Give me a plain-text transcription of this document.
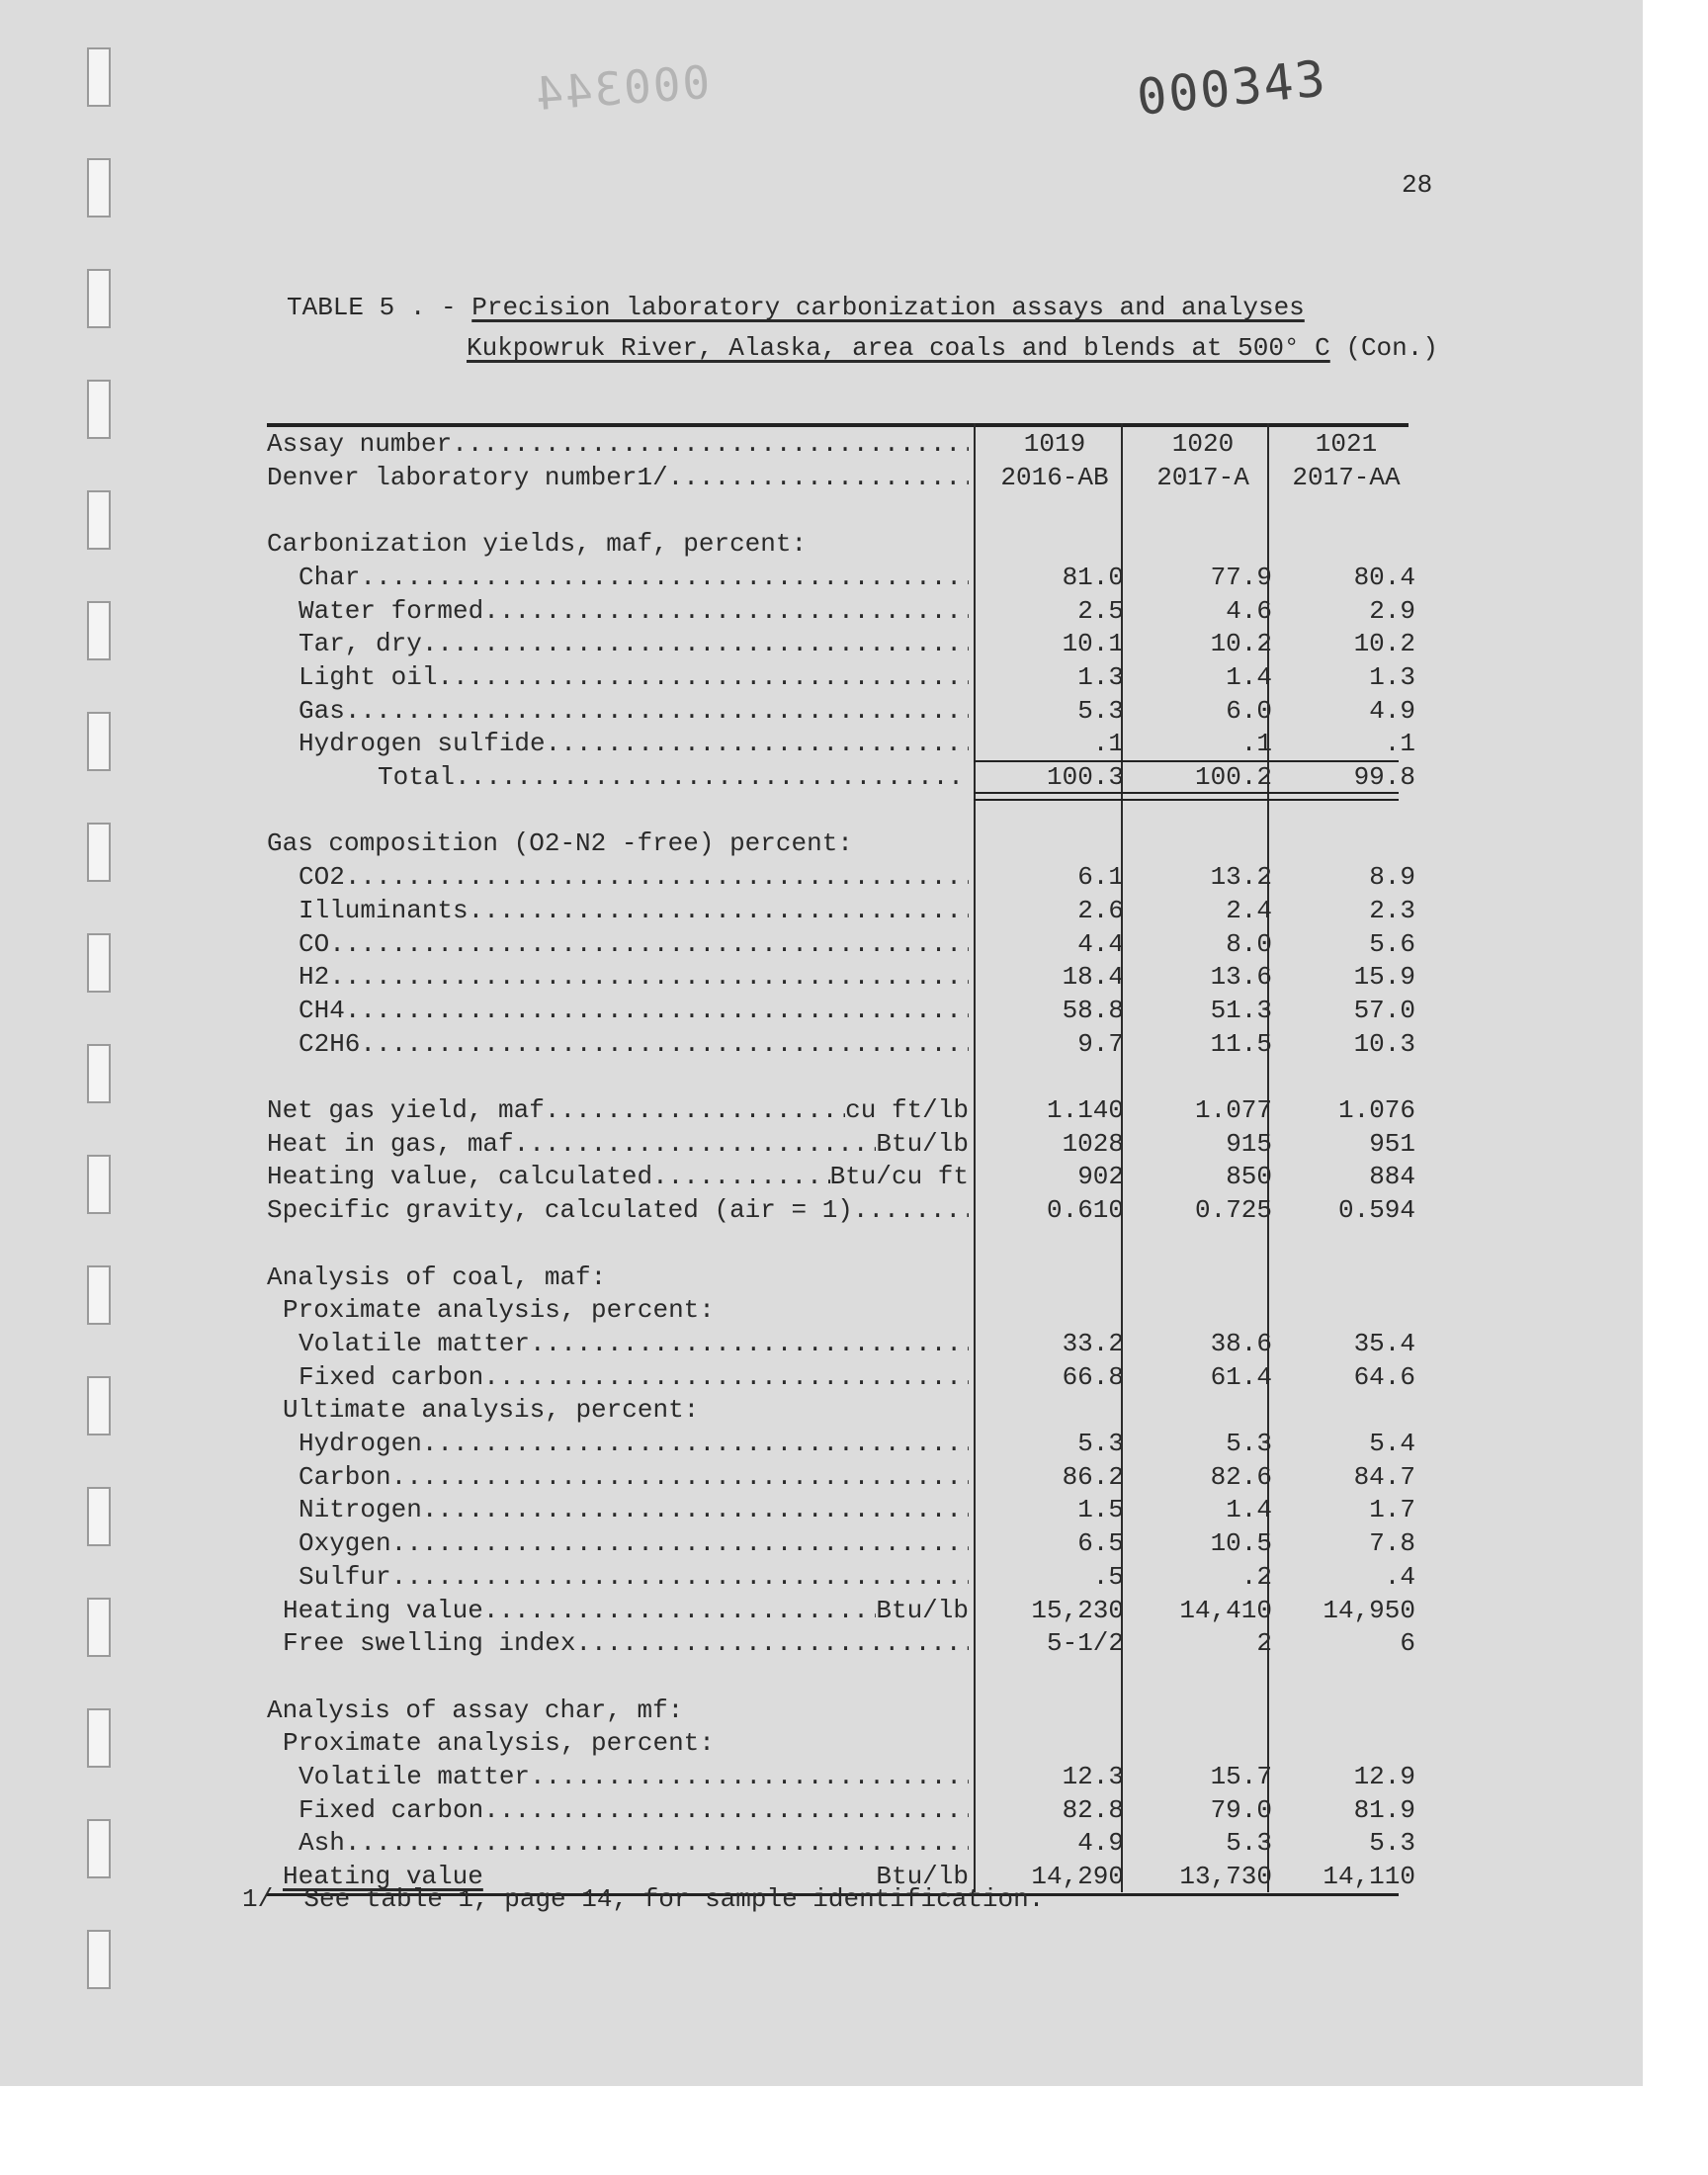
000344	000343
28
TABLE 5 . - Precision laboratory carbonization assays and analyses
Kukpowruk River, Alaska, area coals and blends at 500° C (Con.)
Assay number .....	1019	1020	1021
Denver laboratory number1/ .....	2016-AB	2017-A	2017-AA
Carbonization yields, maf, percent:
Char .....	81.0	77.9	80.4
Water formed .....	2.5	4.6	2.9
Tar, dry .....	10.1	10.2	10.2
Light oil .....	1.3	1.4	1.3
Gas .....	5.3	6.0	4.9
Hydrogen sulfide .....	.1	.1	.1
Total .....	100.3	100.2	99.8
Gas composition (O2-N2 -free) percent:
CO2 .....	6.1	13.2	8.9
Illuminants .....	2.6	2.4	2.3
CO .....	4.4	8.0	5.6
H2 .....	18.4	13.6	15.9
CH4 .....	58.8	51.3	57.0
C2H6 .....	9.7	11.5	10.3
Net gas yield, maf .....	cu ft/lb	1.140	1.077	1.076
Heat in gas, maf .....	Btu/lb	1028	915	951
Heating value, calculated .....	Btu/cu ft	902	850	884
Specific gravity, calculated (air = 1) .....	0.610	0.725	0.594
Analysis of coal, maf:
Proximate analysis, percent:
Volatile matter .....	33.2	38.6	35.4
Fixed carbon .....	66.8	61.4	64.6
Ultimate analysis, percent:
Hydrogen .....	5.3	5.3	5.4
Carbon .....	86.2	82.6	84.7
Nitrogen .....	1.5	1.4	1.7
Oxygen .....	6.5	10.5	7.8
Sulfur .....	.5	.2	.4
Heating value .....	Btu/lb	15,230	14,410	14,950
Free swelling index .....	5-1/2	2	6
Analysis of assay char, mf:
Proximate analysis, percent:
Volatile matter .....	12.3	15.7	12.9
Fixed carbon .....	82.8	79.0	81.9
Ash .....	4.9	5.3	5.3
Heating value	Btu/lb	14,290	13,730	14,110
1/  See table 1, page 14, for sample identification.
